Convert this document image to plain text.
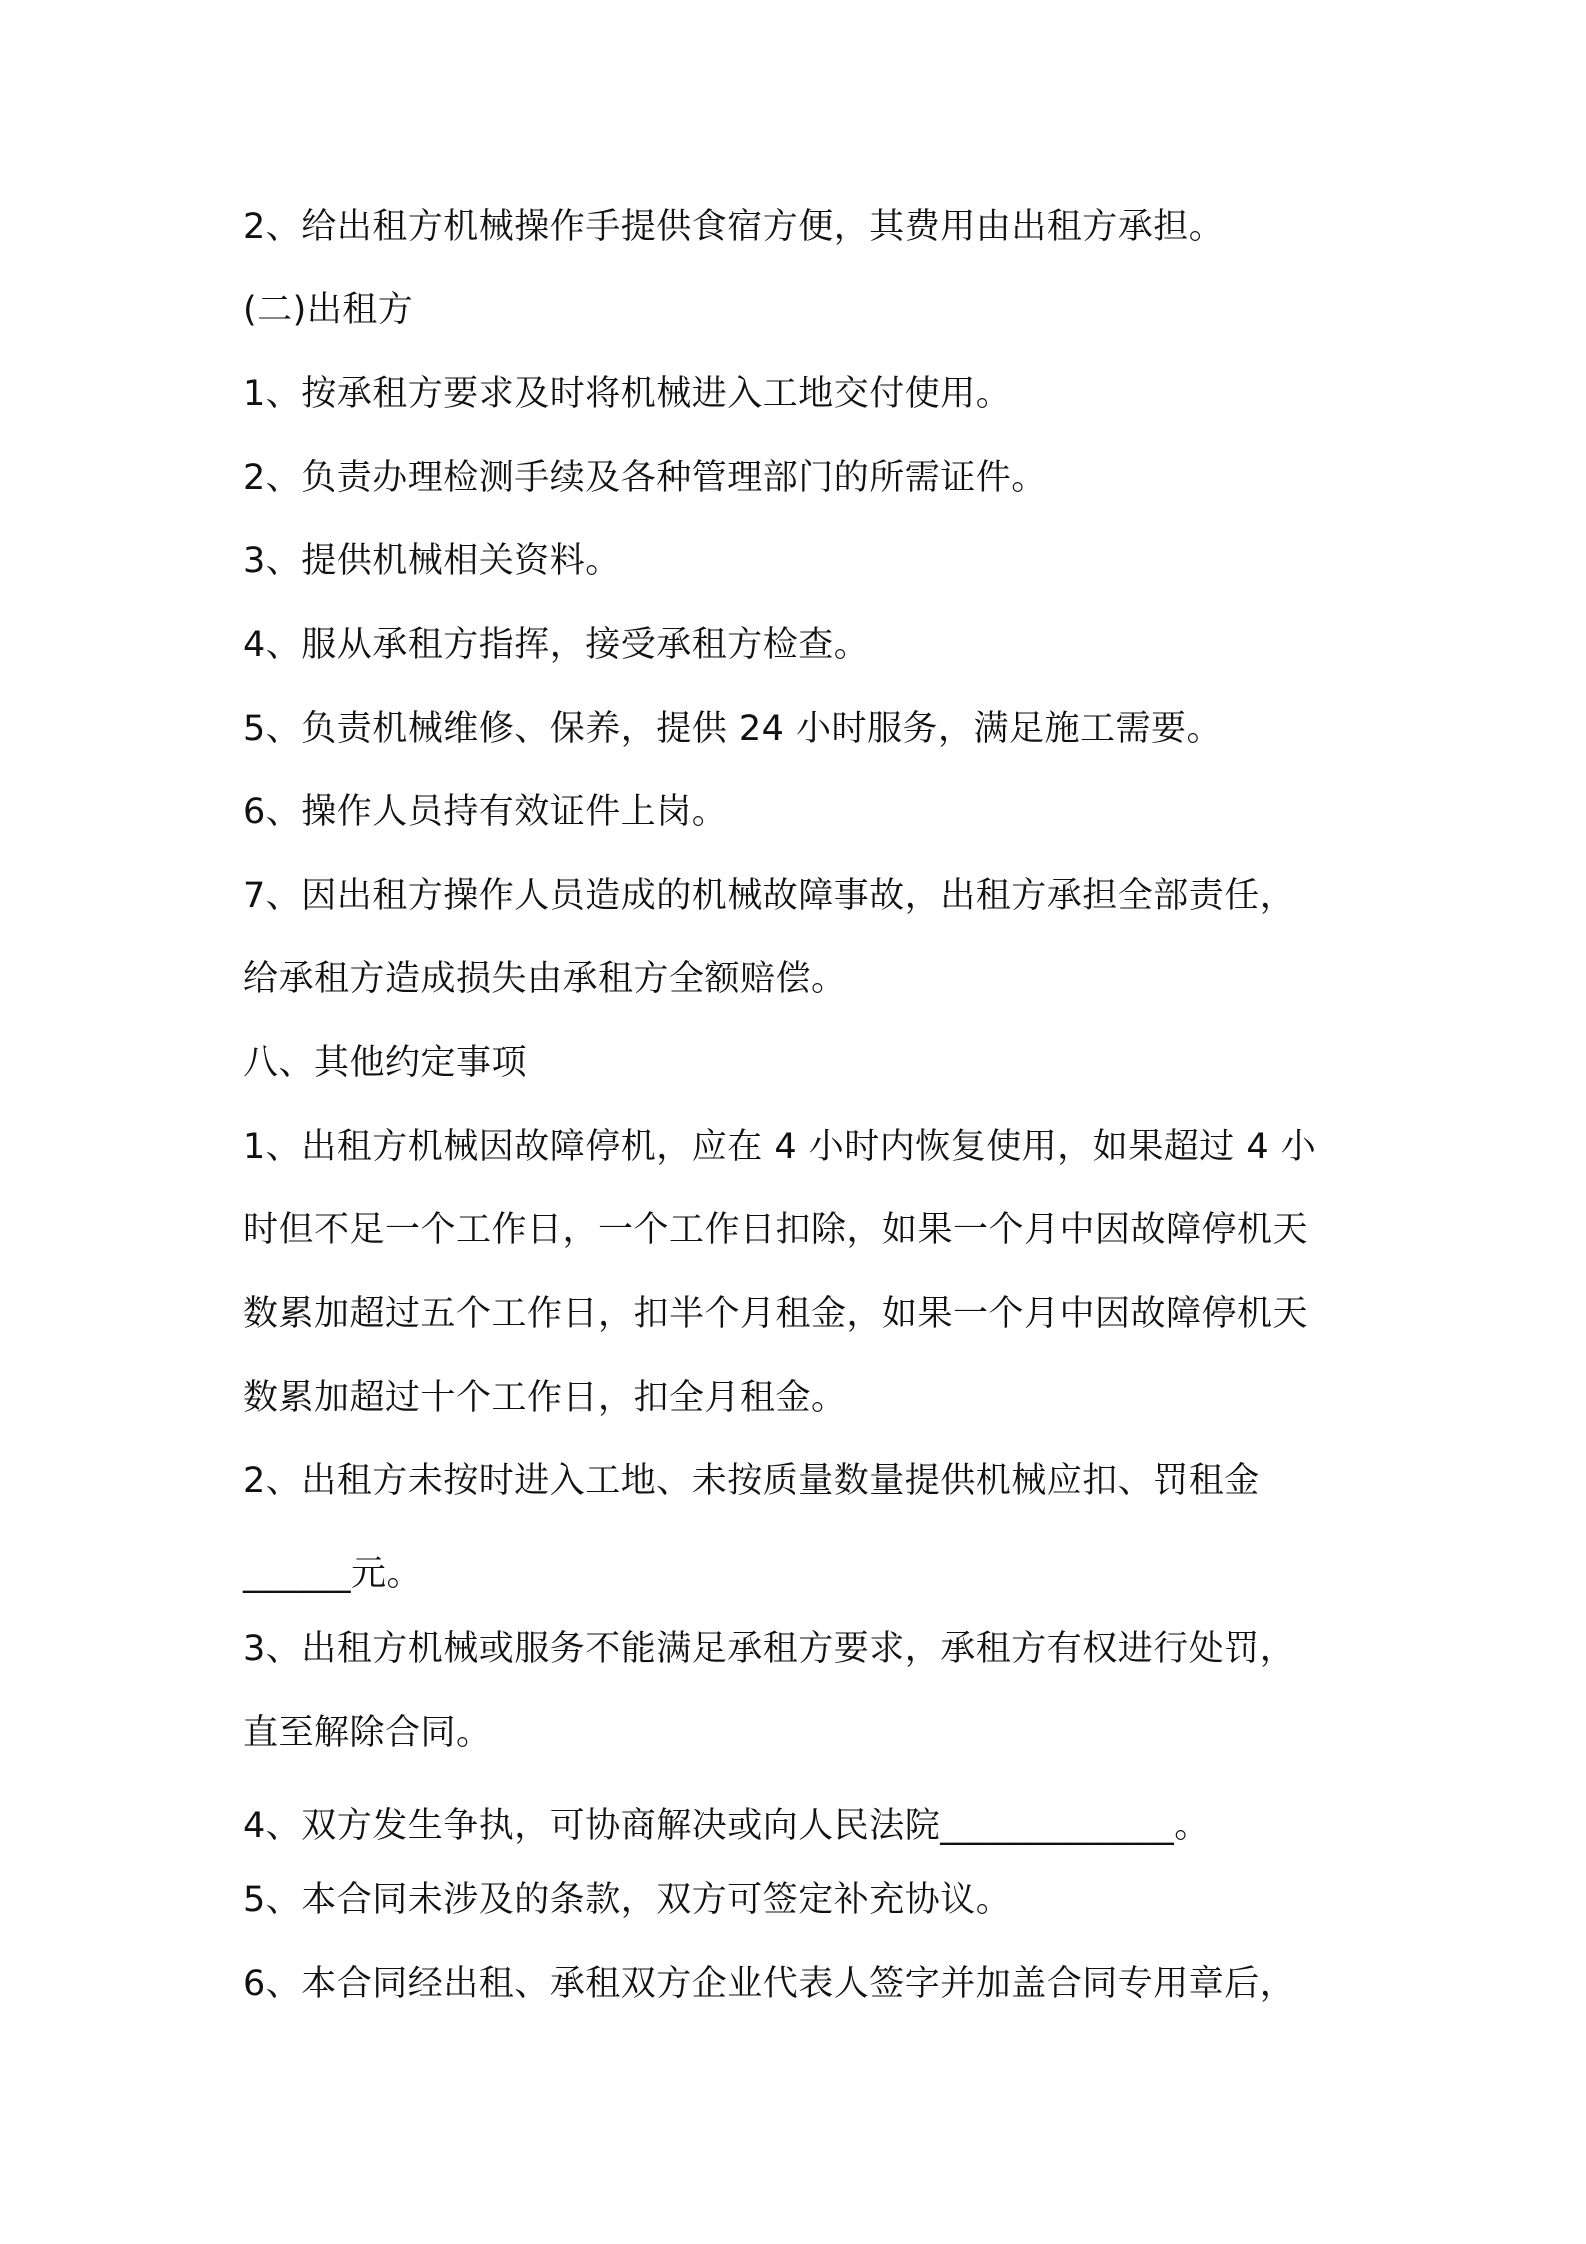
2、给出租方机械操作手提供食宿方便，其费用由出租方承担。
(二)出租方
1、按承租方要求及时将机械进入工地交付使用。
2、负责办理检测手续及各种管理部门的所需证件。
3、提供机械相关资料。
4、服从承租方指挥，接受承租方检查。
5、负责机械维修、保养，提供 24 小时服务，满足施工需要。
6、操作人员持有效证件上岗。
7、因出租方操作人员造成的机械故障事故，出租方承担全部责任，
给承租方造成损失由承租方全额赔偿。
八、其他约定事项
1、出租方机械因故障停机，应在 4 小时内恢复使用，如果超过 4 小
时但不足一个工作日，一个工作日扣除，如果一个月中因故障停机天
数累加超过五个工作日，扣半个月租金，如果一个月中因故障停机天
数累加超过十个工作日，扣全月租金。
2、出租方未按时进入工地、未按质量数量提供机械应扣、罚租金
______元。
3、出租方机械或服务不能满足承租方要求，承租方有权进行处罚，
直至解除合同。
4、双方发生争执，可协商解决或向人民法院_____________。
5、本合同未涉及的条款，双方可签定补充协议。
6、本合同经出租、承租双方企业代表人签字并加盖合同专用章后，
